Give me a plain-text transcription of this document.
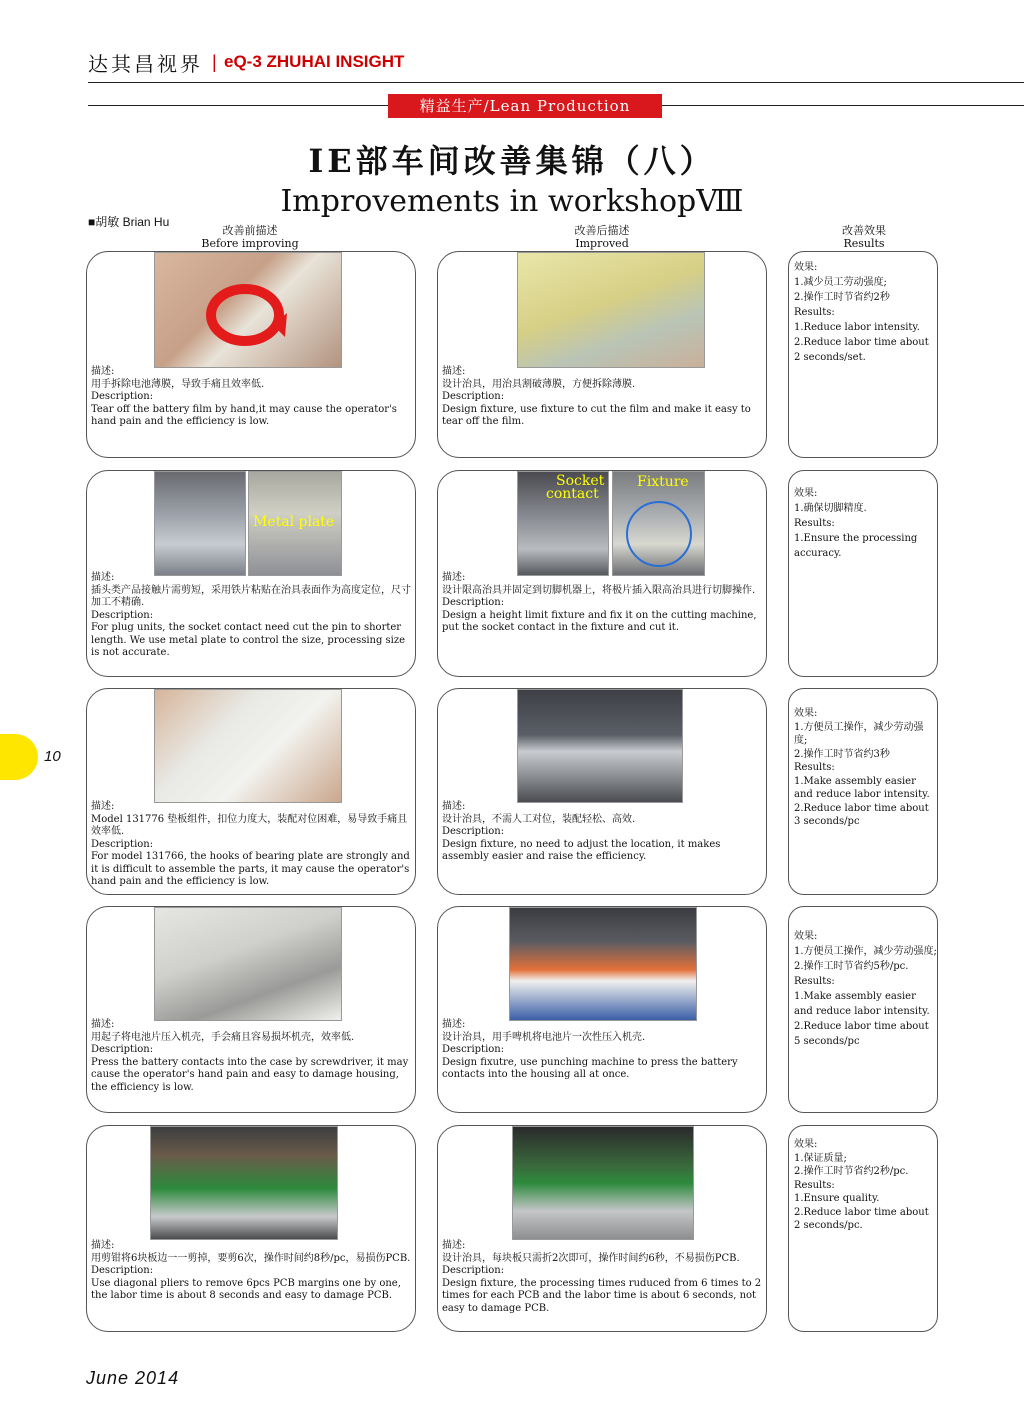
达其昌视界 | eQ-3 ZHUHAI INSIGHT
精益生产/Lean Production
IE部车间改善集锦（八）
Improvements in workshopⅧ
■胡敏 Brian Hu
改善前描述
Before improving
改善后描述
Improved
改善效果
Results
描述:
用手拆除电池薄膜，导致手痛且效率低.
Description:
Tear off the battery film by hand,it may cause the operator's hand pain and the efficiency is low.
描述:
设计治具，用治具割破薄膜，方便拆除薄膜.
Description:
Design fixture, use fixture to cut the film and make it easy to tear off the film.
效果:
1.减少员工劳动强度;
2.操作工时节省约2秒
Results:
1.Reduce labor intensity.
2.Reduce labor time about 2 seconds/set.
Metal plate
描述:
插头类产品接触片需剪短，采用铁片粘贴在治具表面作为高度定位，尺寸加工不精确.
Description:
For plug units, the socket contact need cut the pin to shorter length. We use metal plate to control the size, processing size is not accurate.
Socket
contact
Fixture
描述:
设计限高治具并固定到切脚机器上，将极片插入限高治具进行切脚操作.
Description:
Design a height limit fixture and fix it on the cutting machine, put the socket contact in the fixture and cut it.
效果:
1.确保切脚精度.
Results:
1.Ensure the processing accuracy.
描述:
Model 131776 垫板组件，扣位力度大，装配对位困难，易导致手痛且效率低.
Description:
For model 131766, the hooks of bearing plate are strongly and it is difficult to assemble the parts, it may cause the operator's hand pain and the efficiency is low.
描述:
设计治具，不需人工对位，装配轻松、高效.
Description:
Design fixture, no need to adjust the location, it makes assembly easier and raise the efficiency.
效果:
1.方便员工操作，减少劳动强度;
2.操作工时节省约3秒
Results:
1.Make assembly easier and reduce labor intensity.
2.Reduce labor time about 3 seconds/pc
描述:
用起子将电池片压入机壳，手会痛且容易损坏机壳，效率低.
Description:
Press the battery contacts into the case by screwdriver, it may cause the operator's hand pain and easy to damage housing, the efficiency is low.
描述:
设计治具，用手啤机将电池片一次性压入机壳.
Description:
Design fixutre, use punching machine to press the battery contacts into the housing all at once.
效果:
1.方便员工操作，减少劳动强度;
2.操作工时节省约5秒/pc.
Results:
1.Make assembly easier and reduce labor intensity.
2.Reduce labor time about 5 seconds/pc
描述:
用剪钳将6块板边一一剪掉，要剪6次，操作时间约8秒/pc，易损伤PCB.
Description:
Use diagonal pliers to remove 6pcs PCB margins one by one, the labor time is about 8 seconds and easy to damage PCB.
描述:
设计治具，每块板只需折2次即可，操作时间约6秒，不易损伤PCB.
Description:
Design fixture, the processing times ruduced from 6 times to 2 times for each PCB and the labor time is about 6 seconds, not easy to damage PCB.
效果:
1.保证质量;
2.操作工时节省约2秒/pc.
Results:
1.Ensure quality.
2.Reduce labor time about 2 seconds/pc.
10
June 2014
